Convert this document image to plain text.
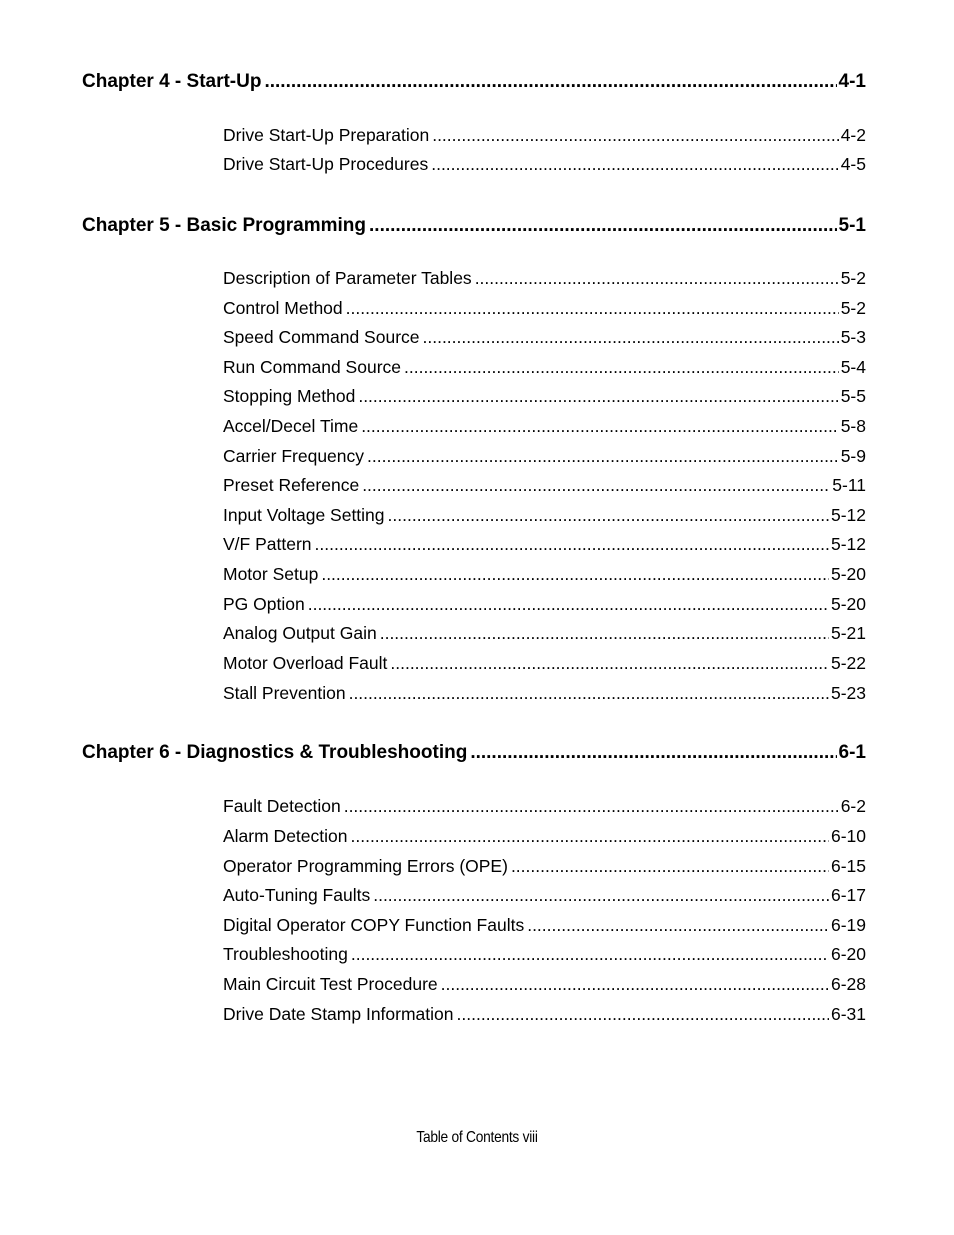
Chapter 4 - Start-Up .....	4-1
Drive Start-Up Preparation .....	4-2
Drive Start-Up Procedures .....	4-5
Chapter 5 - Basic Programming .....	5-1
Description of Parameter Tables .....	5-2
Control Method .....	5-2
Speed Command Source .....	5-3
Run Command Source .....	5-4
Stopping Method .....	5-5
Accel/Decel Time .....	5-8
Carrier Frequency .....	5-9
Preset Reference .....	5-11
Input Voltage Setting .....	5-12
V/F Pattern .....	5-12
Motor Setup .....	5-20
PG Option .....	5-20
Analog Output Gain .....	5-21
Motor Overload Fault .....	5-22
Stall Prevention .....	5-23
Chapter 6 - Diagnostics & Troubleshooting .....	6-1
Fault Detection .....	6-2
Alarm Detection .....	6-10
Operator Programming Errors (OPE) .....	6-15
Auto-Tuning Faults .....	6-17
Digital Operator COPY Function Faults .....	6-19
Troubleshooting .....	6-20
Main Circuit Test Procedure .....	6-28
Drive Date Stamp Information .....	6-31
Table of Contents viii
